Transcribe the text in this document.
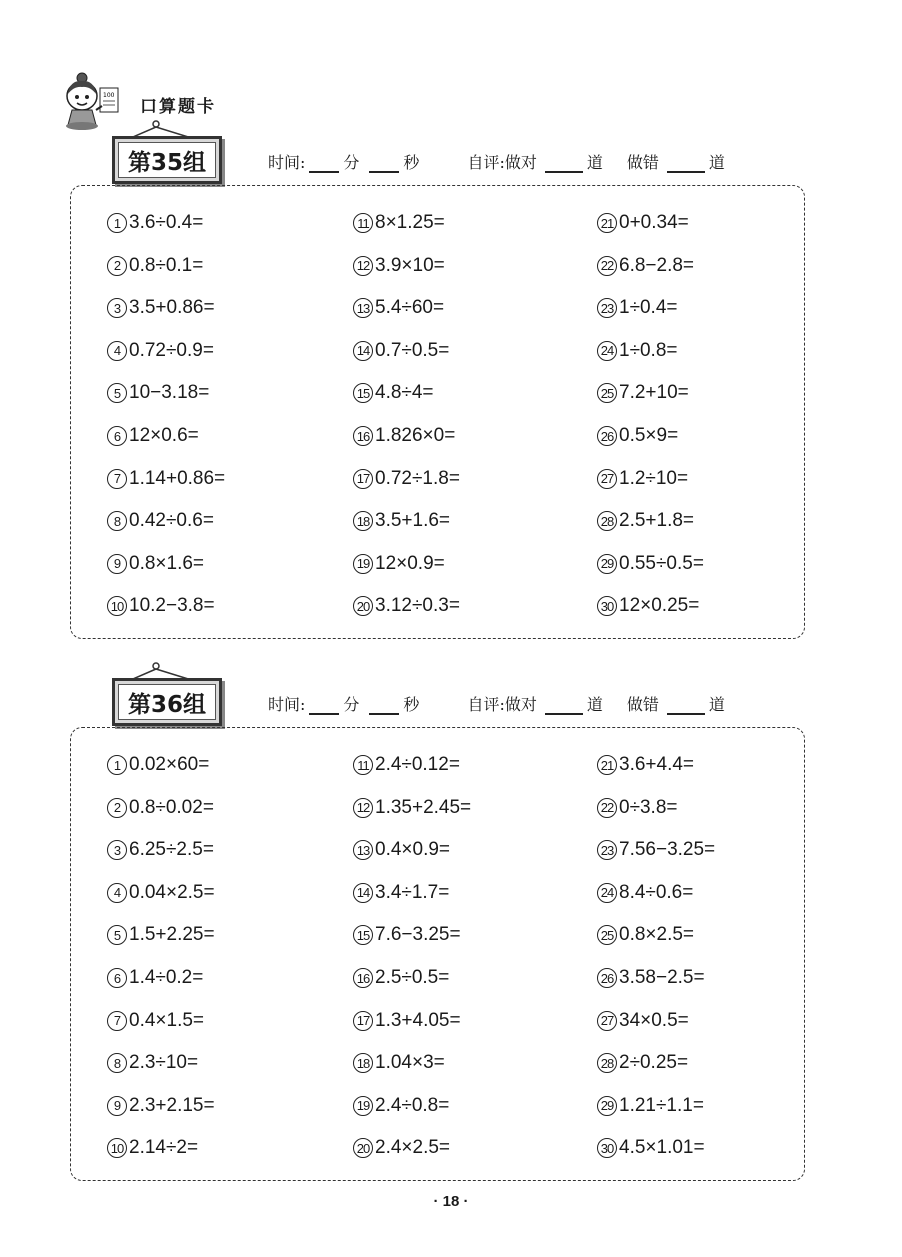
100
口算题卡
第35组	时间: 分	秒	自评:做对	道 做错	道
1 3.6÷0.4=
2 0.8÷0.1=
3 3.5+0.86=
4 0.72÷0.9=
5 10−3.18=
6 12×0.6=
7 1.14+0.86=
8 0.42÷0.6=
9 0.8×1.6=
10 10.2−3.8=
11 8×1.25=
12 3.9×10=
13 5.4÷60=
14 0.7÷0.5=
15 4.8÷4=
16 1.826×0=
17 0.72÷1.8=
18 3.5+1.6=
19 12×0.9=
20 3.12÷0.3=
21 0+0.34=
22 6.8−2.8=
23 1÷0.4=
24 1÷0.8=
25 7.2+10=
26 0.5×9=
27 1.2÷10=
28 2.5+1.8=
29 0.55÷0.5=
30 12×0.25=
第36组	时间: 分	秒	自评:做对	道 做错	道
1 0.02×60=
2 0.8÷0.02=
3 6.25÷2.5=
4 0.04×2.5=
5 1.5+2.25=
6 1.4÷0.2=
7 0.4×1.5=
8 2.3÷10=
9 2.3+2.15=
10 2.14÷2=
11 2.4÷0.12=
12 1.35+2.45=
13 0.4×0.9=
14 3.4÷1.7=
15 7.6−3.25=
16 2.5÷0.5=
17 1.3+4.05=
18 1.04×3=
19 2.4÷0.8=
20 2.4×2.5=
21 3.6+4.4=
22 0÷3.8=
23 7.56−3.25=
24 8.4÷0.6=
25 0.8×2.5=
26 3.58−2.5=
27 34×0.5=
28 2÷0.25=
29 1.21÷1.1=
30 4.5×1.01=
· 18 ·
